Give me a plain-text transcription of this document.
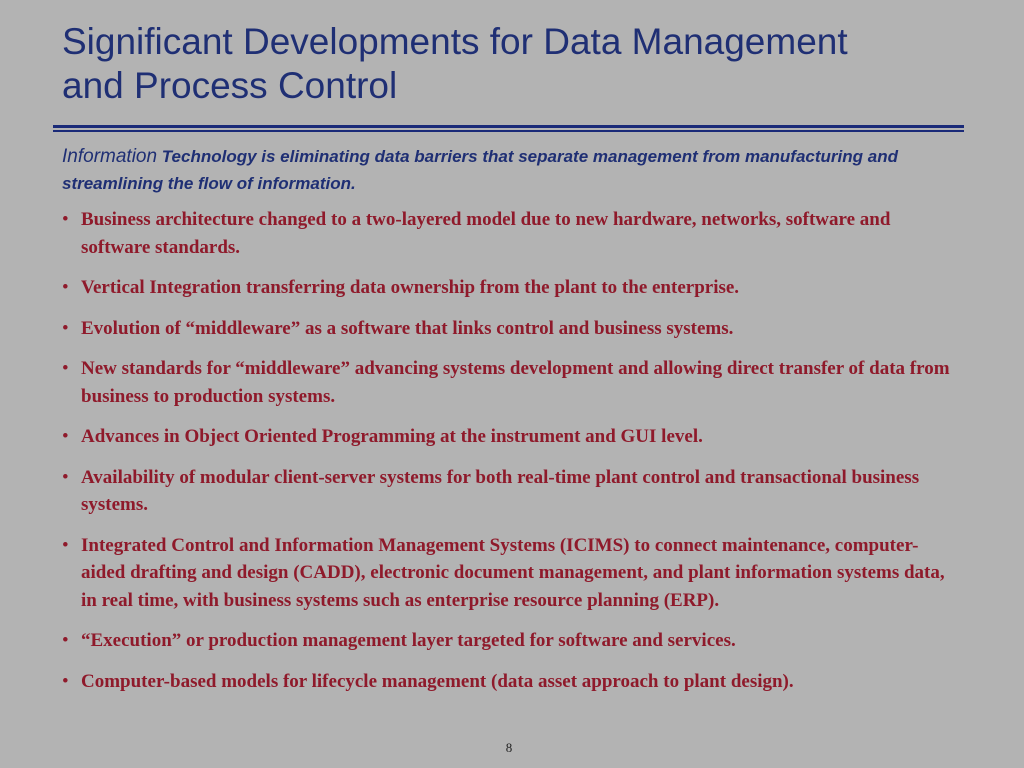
Significant Developments for Data Management
and Process Control
Information Technology is eliminating data barriers that separate management from manufacturing and streamlining the flow of information.
• Business architecture changed to a two-layered model due to new hardware, networks, software and software standards.
• Vertical Integration transferring data ownership from the plant to the enterprise.
• Evolution of “middleware” as a software that links control and business systems.
• New standards for “middleware” advancing systems development and allowing direct transfer of data from business to production systems.
• Advances in Object Oriented Programming at the instrument and GUI level.
• Availability of modular client-server systems for both real-time plant control and transactional business systems.
• Integrated Control and Information Management Systems (ICIMS) to connect maintenance, computer-aided drafting and design (CADD), electronic document management, and plant information systems data, in real time, with business systems such as enterprise resource planning (ERP).
• “Execution” or production management layer targeted for software and services.
• Computer-based models for lifecycle management (data asset approach to plant design).
8
